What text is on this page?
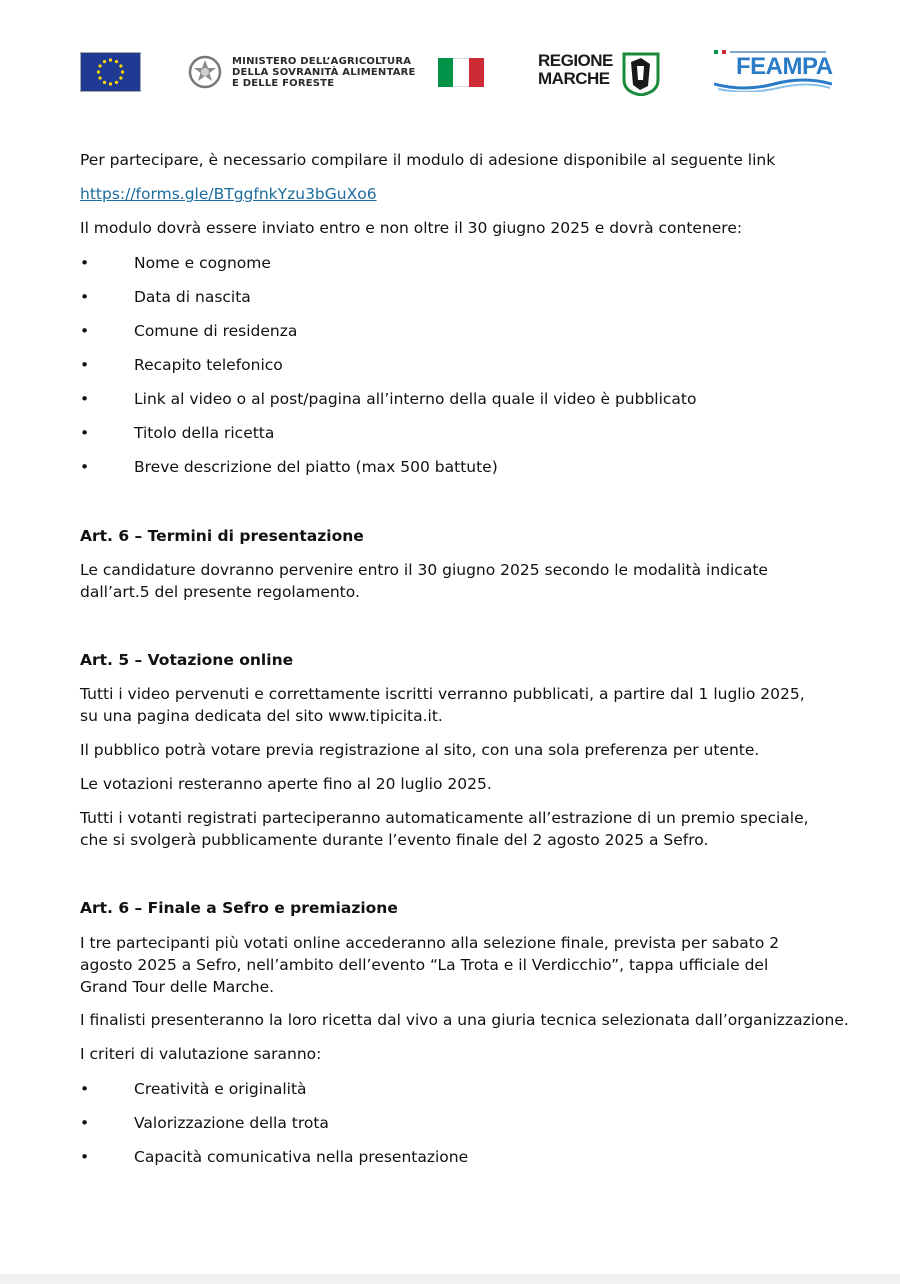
MINISTERO DELL’AGRICOLTURA
DELLA SOVRANITÀ ALIMENTARE
E DELLE FORESTE
REGIONE
MARCHE	FEAMPA

Per partecipare, è necessario compilare il modulo di adesione disponibile al seguente link

https://forms.gle/BTggfnkYzu3bGuXo6

Il modulo dovrà essere inviato entro e non oltre il 30 giugno 2025 e dovrà contenere:

•	Nome e cognome
•	Data di nascita
•	Comune di residenza
•	Recapito telefonico
•	Link al video o al post/pagina all’interno della quale il video è pubblicato
•	Titolo della ricetta
•	Breve descrizione del piatto (max 500 battute)

Art. 6 – Termini di presentazione

Le candidature dovranno pervenire entro il 30 giugno 2025 secondo le modalità indicate dall’art.5 del presente regolamento.

Art. 5 – Votazione online

Tutti i video pervenuti e correttamente iscritti verranno pubblicati, a partire dal 1 luglio 2025, su una pagina dedicata del sito www.tipicita.it.

Il pubblico potrà votare previa registrazione al sito, con una sola preferenza per utente.

Le votazioni resteranno aperte fino al 20 luglio 2025.

Tutti i votanti registrati parteciperanno automaticamente all’estrazione di un premio speciale, che si svolgerà pubblicamente durante l’evento finale del 2 agosto 2025 a Sefro.

Art. 6 – Finale a Sefro e premiazione

I tre partecipanti più votati online accederanno alla selezione finale, prevista per sabato 2 agosto 2025 a Sefro, nell’ambito dell’evento “La Trota e il Verdicchio”, tappa ufficiale del Grand Tour delle Marche.

I finalisti presenteranno la loro ricetta dal vivo a una giuria tecnica selezionata dall’organizzazione.

I criteri di valutazione saranno:

•	Creatività e originalità
•	Valorizzazione della trota
•	Capacità comunicativa nella presentazione
